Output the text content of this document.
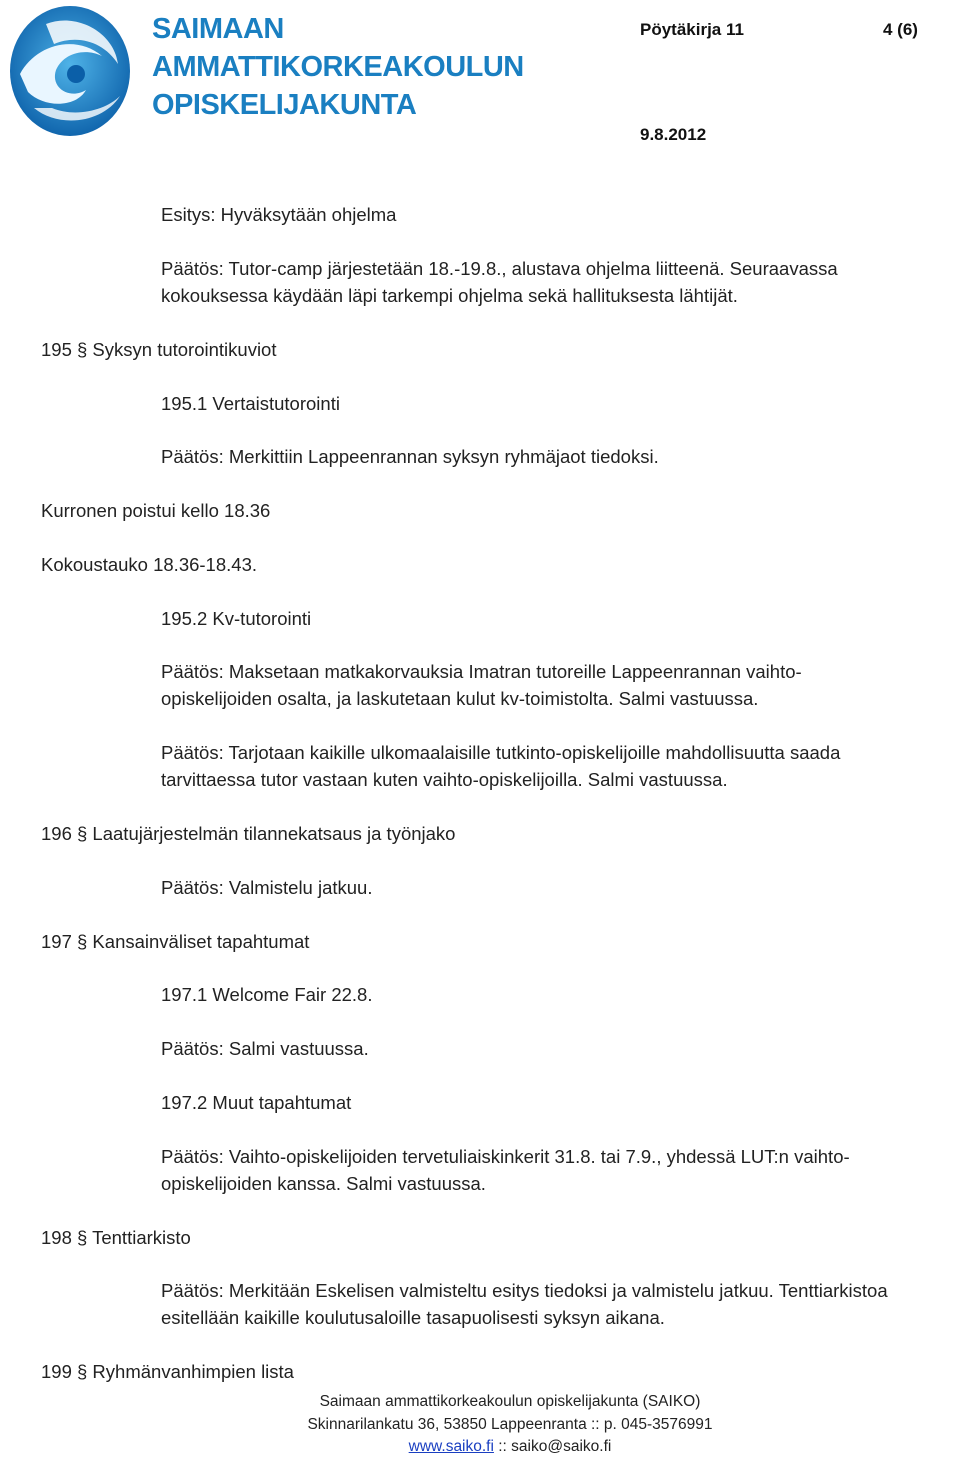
SAIMAAN
AMMATTIKORKEAKOULUN
OPISKELIJAKUNTA
Pöytäkirja 11	4 (6)
9.8.2012
Esitys: Hyväksytään ohjelma
Päätös: Tutor-camp järjestetään 18.-19.8., alustava ohjelma liitteenä. Seuraavassa
kokouksessa käydään läpi tarkempi ohjelma sekä hallituksesta lähtijät.
195 § Syksyn tutorointikuviot
195.1 Vertaistutorointi
Päätös: Merkittiin Lappeenrannan syksyn ryhmäjaot tiedoksi.
Kurronen poistui kello 18.36
Kokoustauko 18.36-18.43.
195.2 Kv-tutorointi
Päätös: Maksetaan matkakorvauksia Imatran tutoreille Lappeenrannan vaihto-
opiskelijoiden osalta, ja laskutetaan kulut kv-toimistolta. Salmi vastuussa.
Päätös: Tarjotaan kaikille ulkomaalaisille tutkinto-opiskelijoille mahdollisuutta saada
tarvittaessa tutor vastaan kuten vaihto-opiskelijoilla. Salmi vastuussa.
196 § Laatujärjestelmän tilannekatsaus ja työnjako
Päätös: Valmistelu jatkuu.
197 § Kansainväliset tapahtumat
197.1 Welcome Fair 22.8.
Päätös: Salmi vastuussa.
197.2 Muut tapahtumat
Päätös: Vaihto-opiskelijoiden tervetuliaiskinkerit 31.8. tai 7.9., yhdessä LUT:n vaihto-
opiskelijoiden kanssa. Salmi vastuussa.
198 § Tenttiarkisto
Päätös: Merkitään Eskelisen valmisteltu esitys tiedoksi ja valmistelu jatkuu. Tenttiarkistoa
esitellään kaikille koulutusaloille tasapuolisesti syksyn aikana.
199 § Ryhmänvanhimpien lista
Saimaan ammattikorkeakoulun opiskelijakunta (SAIKO)
Skinnarilankatu 36, 53850 Lappeenranta :: p. 045-3576991
www.saiko.fi :: saiko@saiko.fi
